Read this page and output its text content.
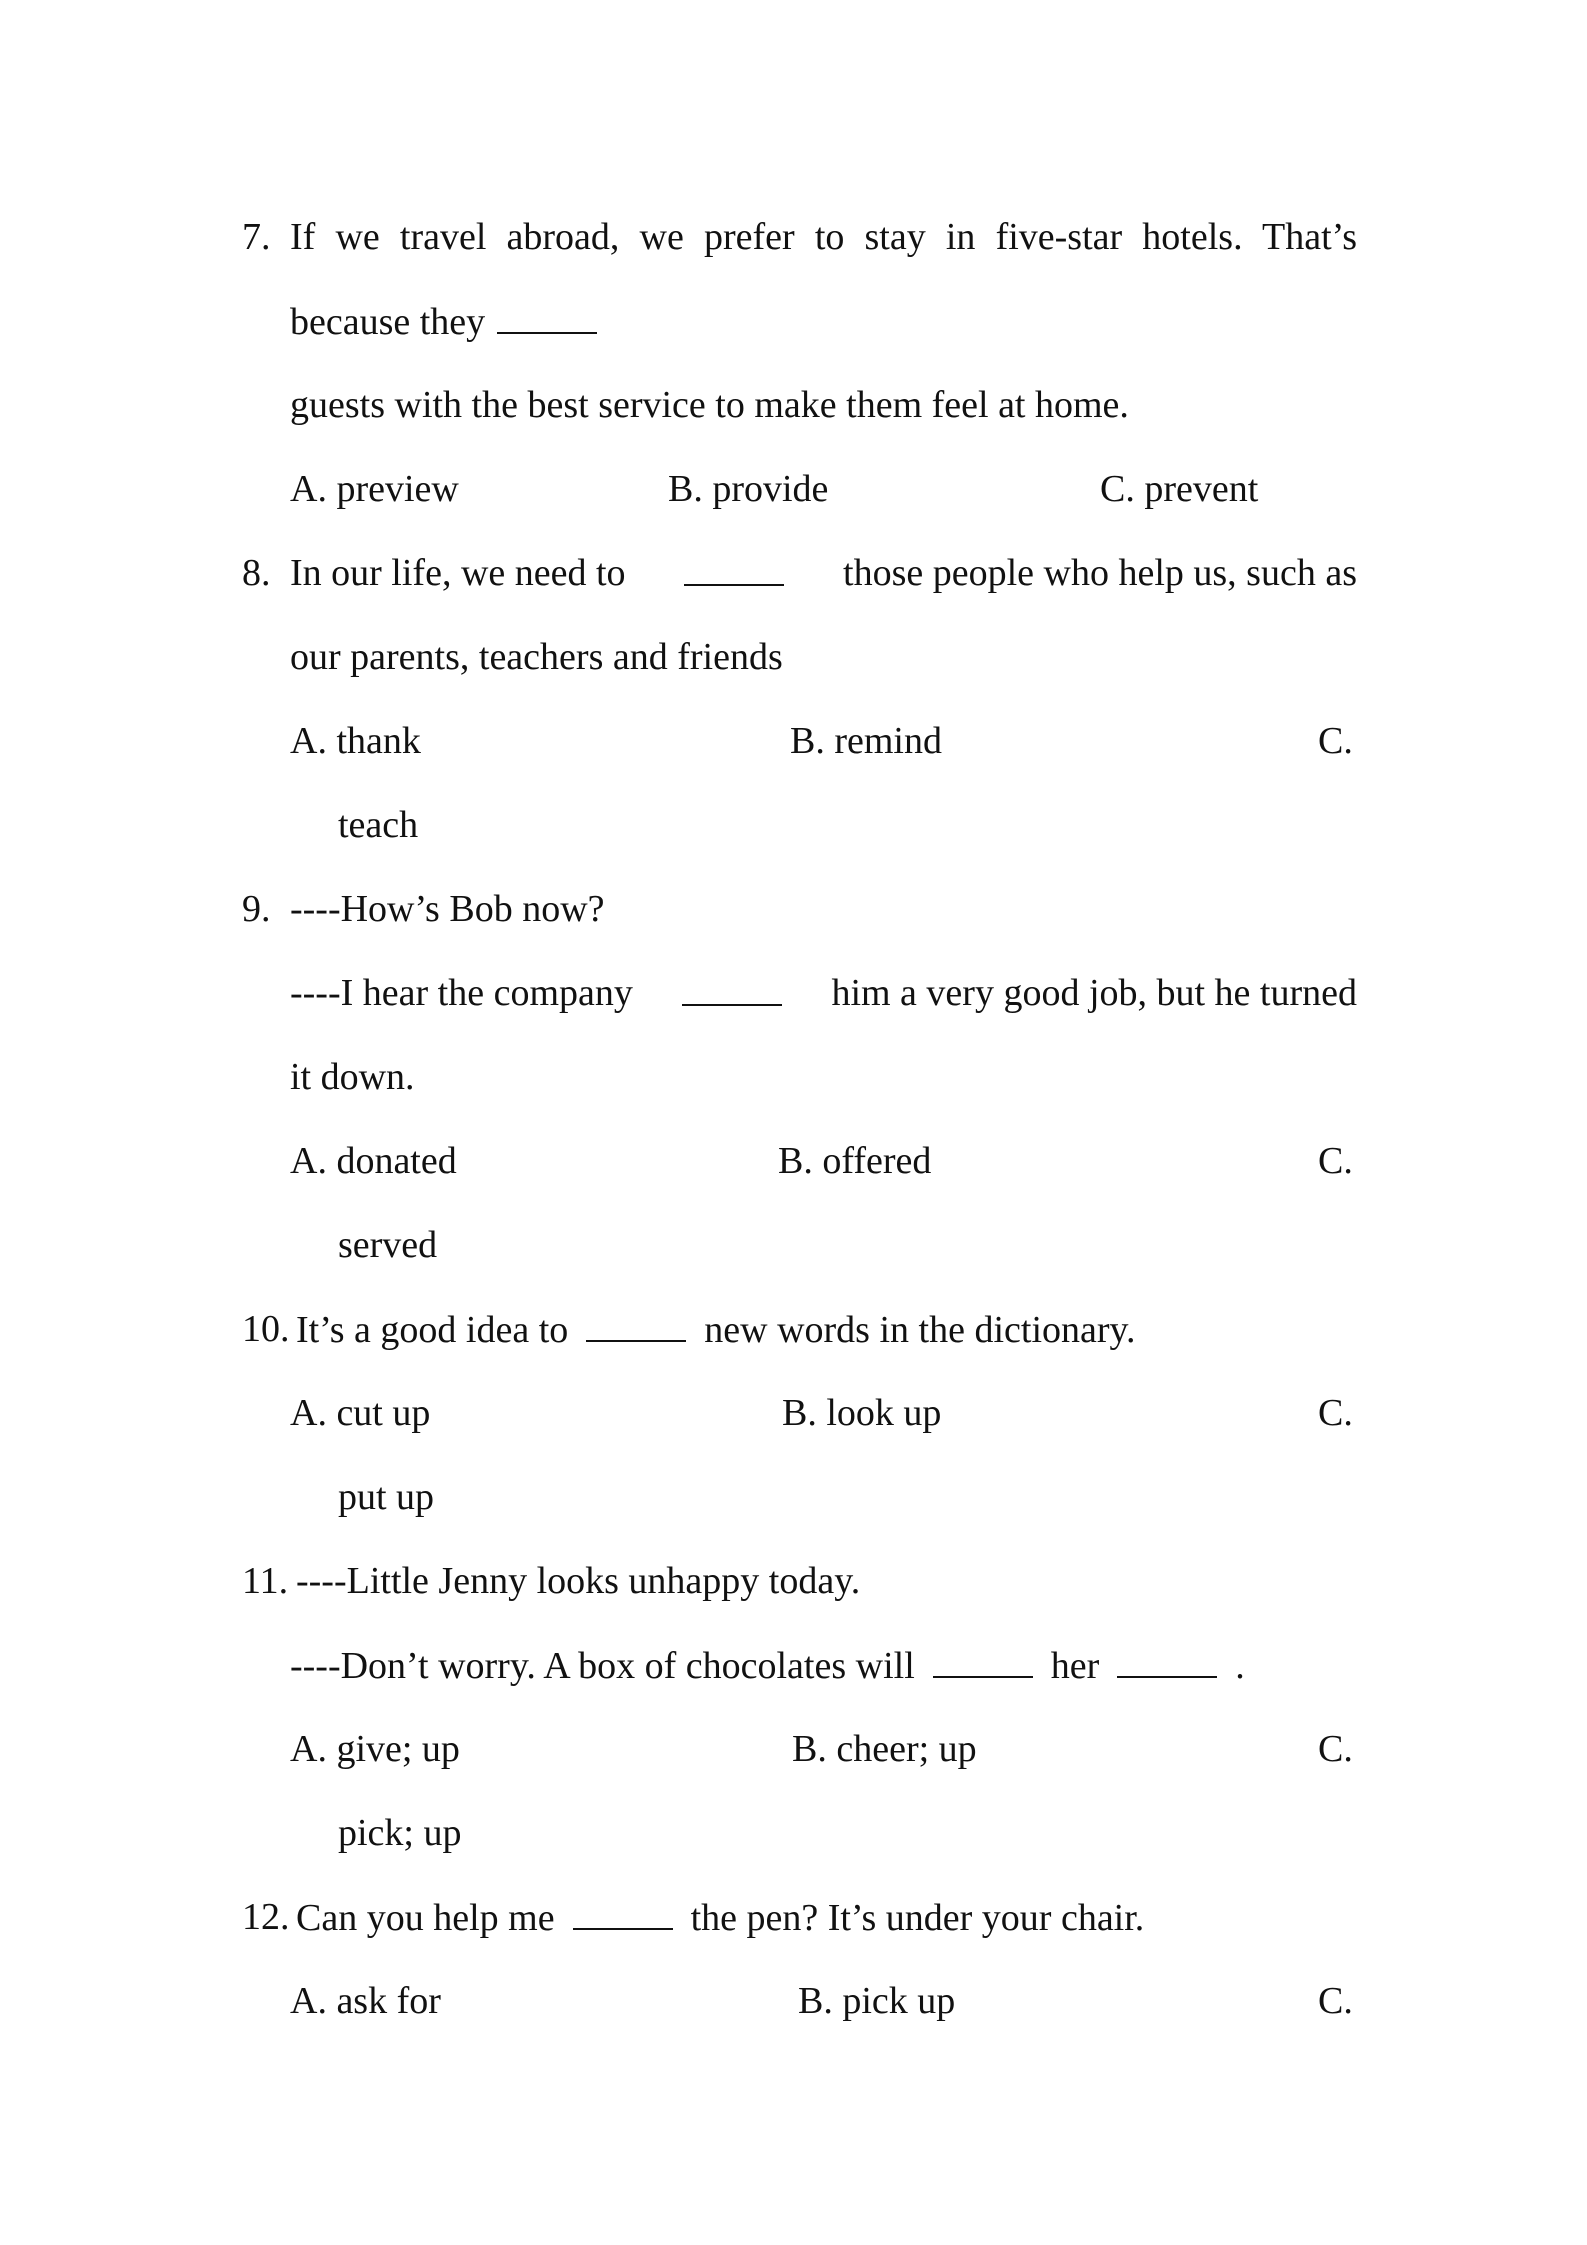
7. If we travel abroad, we prefer to stay in five-star hotels. That’s
because they
guests with the best service to make them feel at home.
A. preview	B. provide	C. prevent
8. In our life, we need to	those people who help us, such as
our parents, teachers and friends
A. thank	B. remind	C.
teach
9. ----How’s Bob now?
----I hear the company	him a very good job, but he turned
it down.
A. donated	B. offered	C.
served
10. It’s a good idea to	new words in the dictionary.
A. cut up	B. look up	C.
put up
11. ----Little Jenny looks unhappy today.
----Don’t worry. A box of chocolates will	her	.
A. give; up	B. cheer; up	C.
pick; up
12. Can you help me	the pen? It’s under your chair.
A. ask for	B. pick up	C.
